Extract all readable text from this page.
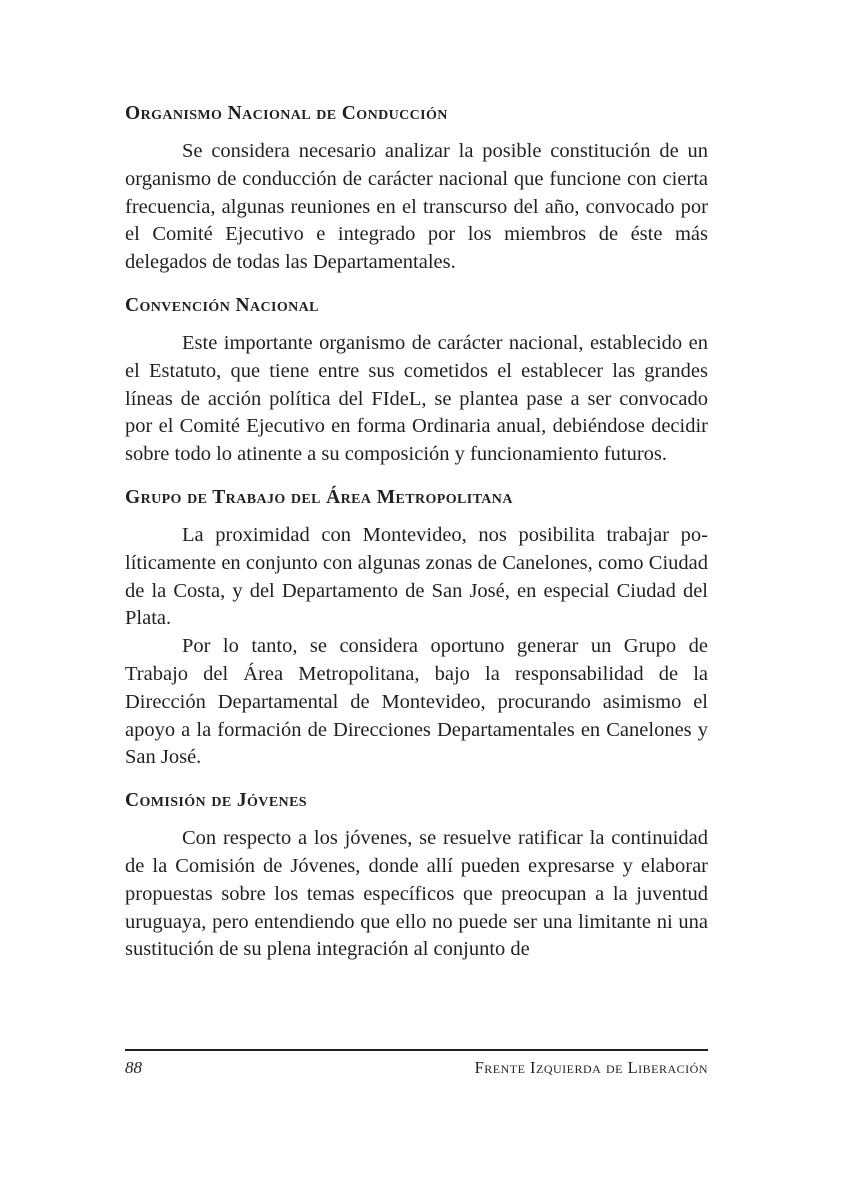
Organismo Nacional de Conducción

Se considera necesario analizar la posible constitución de un organismo de conducción de carácter nacional que funcione con cierta frecuencia, algunas reuniones en el transcurso del año, convocado por el Comité Ejecutivo e integrado por los miembros de éste más delegados de todas las Departamentales.

Convención Nacional

Este importante organismo de carácter nacional, establecido en el Estatuto, que tiene entre sus cometidos el establecer las grandes líneas de acción política del FIdeL, se plantea pase a ser convocado por el Comité Ejecutivo en forma Ordinaria anual, debiéndose decidir sobre todo lo atinente a su composición y funcionamiento futuros.

Grupo de Trabajo del Área Metropolitana

La proximidad con Montevideo, nos posibilita trabajar políticamente en conjunto con algunas zonas de Canelones, como Ciudad de la Costa, y del Departamento de San José, en especial Ciudad del Plata.

Por lo tanto, se considera oportuno generar un Grupo de Trabajo del Área Metropolitana, bajo la responsabilidad de la Dirección Departamental de Montevideo, procurando asimismo el apoyo a la formación de Direcciones Departamentales en Canelones y San José.

Comisión de Jóvenes

Con respecto a los jóvenes, se resuelve ratificar la continuidad de la Comisión de Jóvenes, donde allí pueden expresarse y elaborar propuestas sobre los temas específicos que preocupan a la juventud uruguaya, pero entendiendo que ello no puede ser una limitante ni una sustitución de su plena integración al conjunto de

88	Frente Izquierda de Liberación
